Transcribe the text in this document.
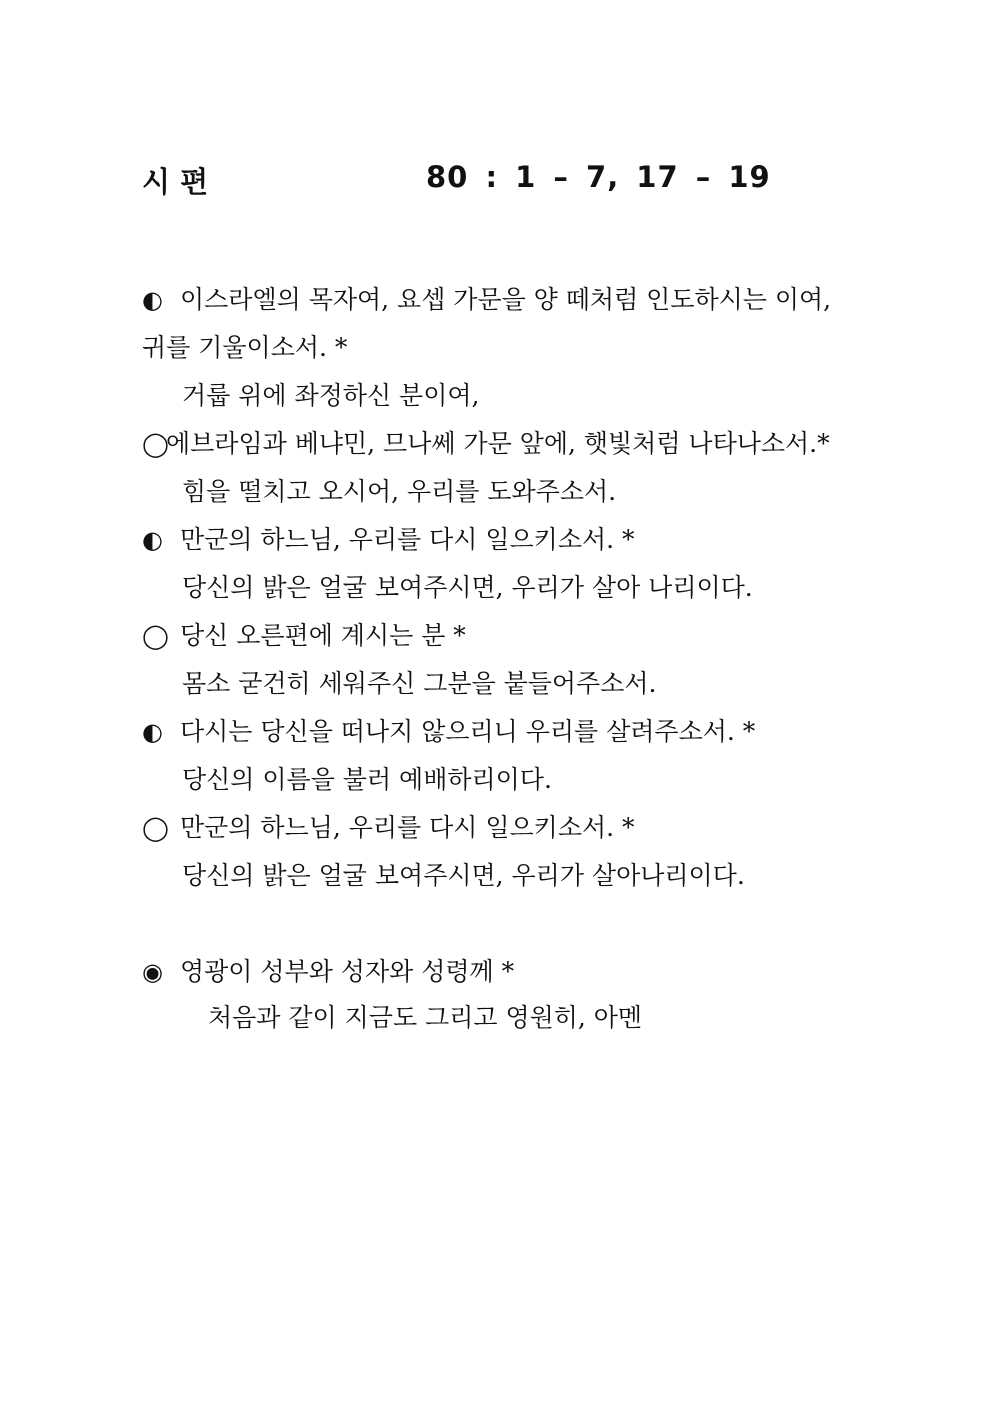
시 편	80 : 1 – 7, 17 – 19
◐ 이스라엘의 목자여, 요셉 가문을 양 떼처럼 인도하시는 이여,
귀를 기울이소서. *
거룹 위에 좌정하신 분이여,
◯에브라임과 베냐민, 므나쎄 가문 앞에, 햇빛처럼 나타나소서.*
힘을 떨치고 오시어, 우리를 도와주소서.
◐ 만군의 하느님, 우리를 다시 일으키소서. *
당신의 밝은 얼굴 보여주시면, 우리가 살아 나리이다.
◯ 당신 오른편에 계시는 분 *
몸소 굳건히 세워주신 그분을 붙들어주소서.
◐ 다시는 당신을 떠나지 않으리니 우리를 살려주소서. *
당신의 이름을 불러 예배하리이다.
◯ 만군의 하느님, 우리를 다시 일으키소서. *
당신의 밝은 얼굴 보여주시면, 우리가 살아나리이다.
◉ 영광이 성부와 성자와 성령께 *
처음과 같이 지금도 그리고 영원히, 아멘
